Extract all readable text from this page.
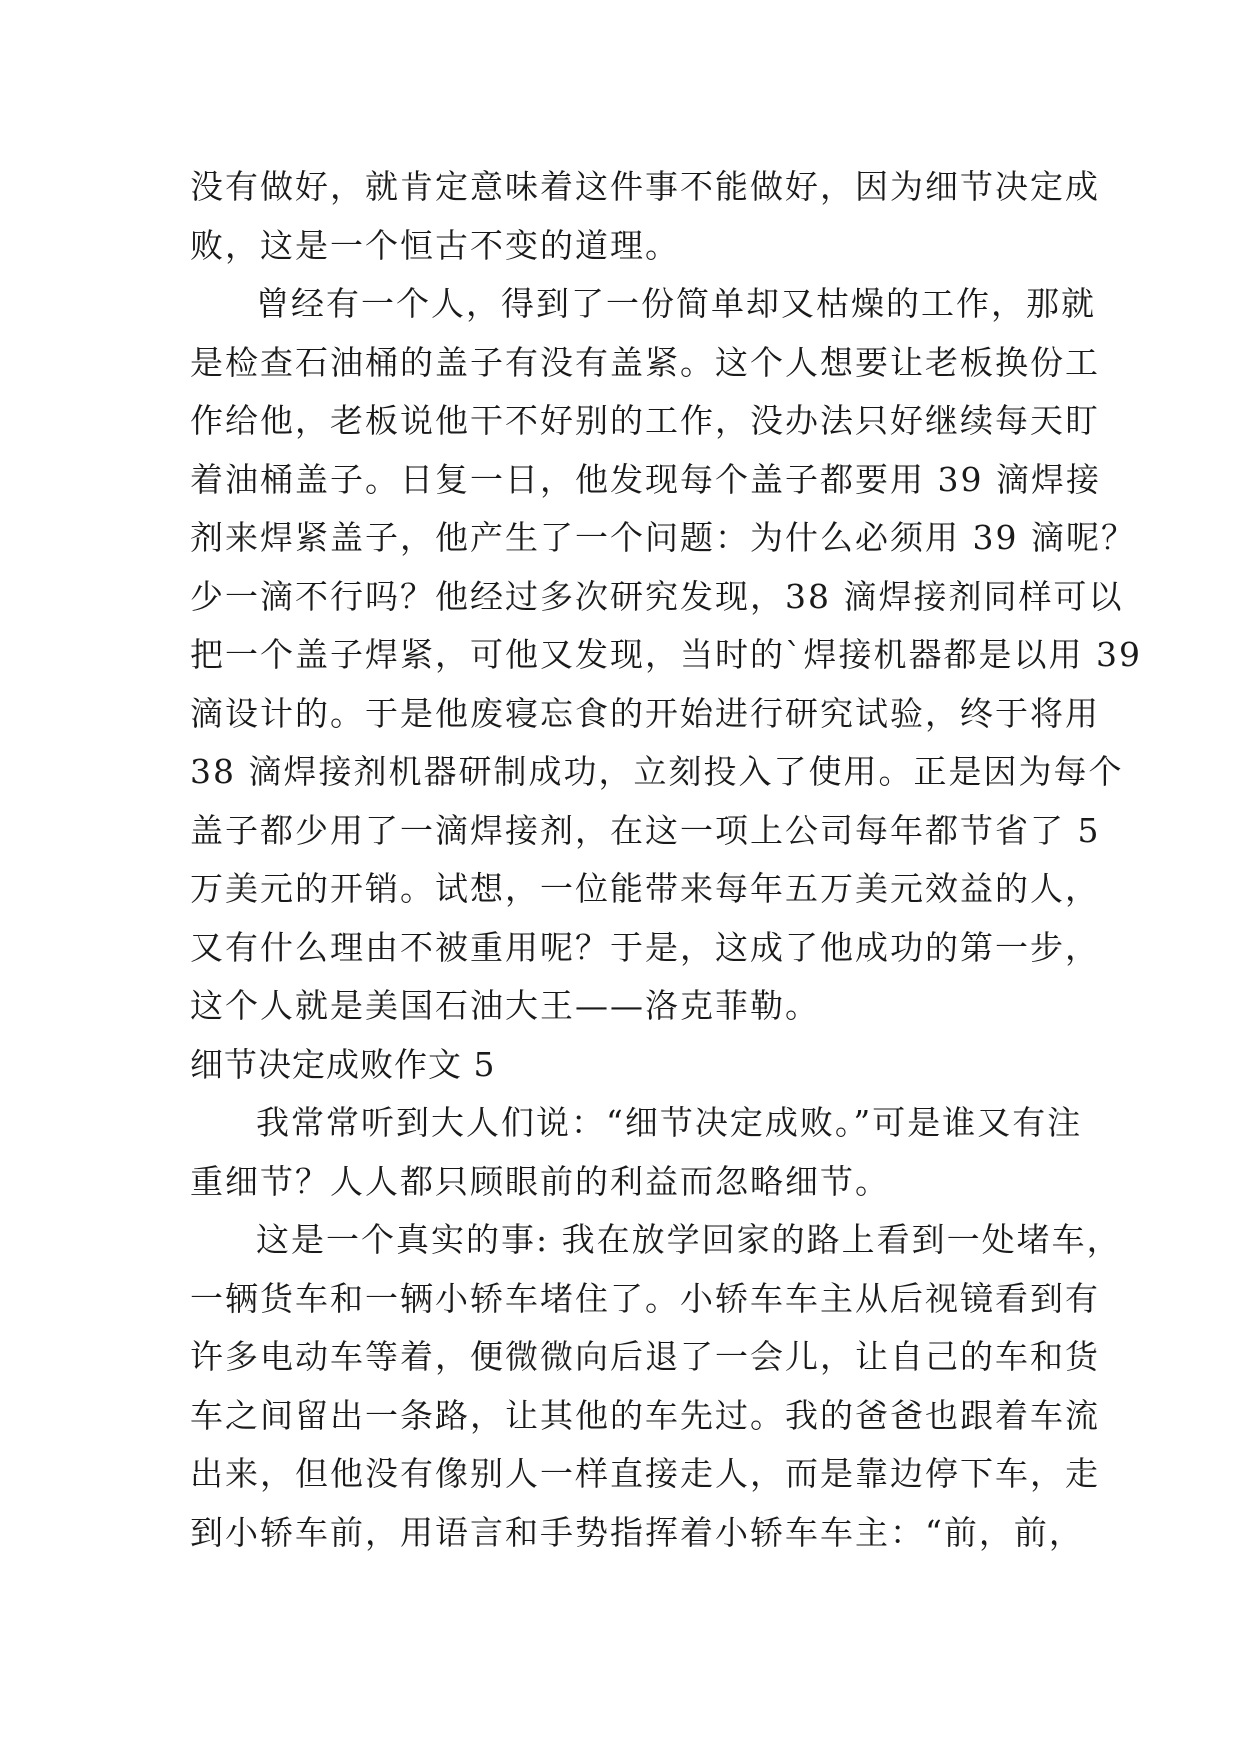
没有做好，就肯定意味着这件事不能做好，因为细节决定成
败，这是一个恒古不变的道理。
曾经有一个人，得到了一份简单却又枯燥的工作，那就
是检查石油桶的盖子有没有盖紧。这个人想要让老板换份工
作给他，老板说他干不好别的工作，没办法只好继续每天盯
着油桶盖子。日复一日，他发现每个盖子都要用 39 滴焊接
剂来焊紧盖子，他产生了一个问题：为什么必须用 39 滴呢？
少一滴不行吗？他经过多次研究发现，38 滴焊接剂同样可以
把一个盖子焊紧，可他又发现，当时的`焊接机器都是以用 39
滴设计的。于是他废寝忘食的开始进行研究试验，终于将用
38 滴焊接剂机器研制成功，立刻投入了使用。正是因为每个
盖子都少用了一滴焊接剂，在这一项上公司每年都节省了 5
万美元的开销。试想，一位能带来每年五万美元效益的人，
又有什么理由不被重用呢？于是，这成了他成功的第一步，
这个人就是美国石油大王——洛克菲勒。
细节决定成败作文 5
我常常听到大人们说：“细节决定成败。”可是谁又有注
重细节？人人都只顾眼前的利益而忽略细节。
这是一个真实的事: 我在放学回家的路上看到一处堵车，
一辆货车和一辆小轿车堵住了。小轿车车主从后视镜看到有
许多电动车等着，便微微向后退了一会儿，让自己的车和货
车之间留出一条路，让其他的车先过。我的爸爸也跟着车流
出来，但他没有像别人一样直接走人，而是靠边停下车，走
到小轿车前，用语言和手势指挥着小轿车车主：“前，前，
